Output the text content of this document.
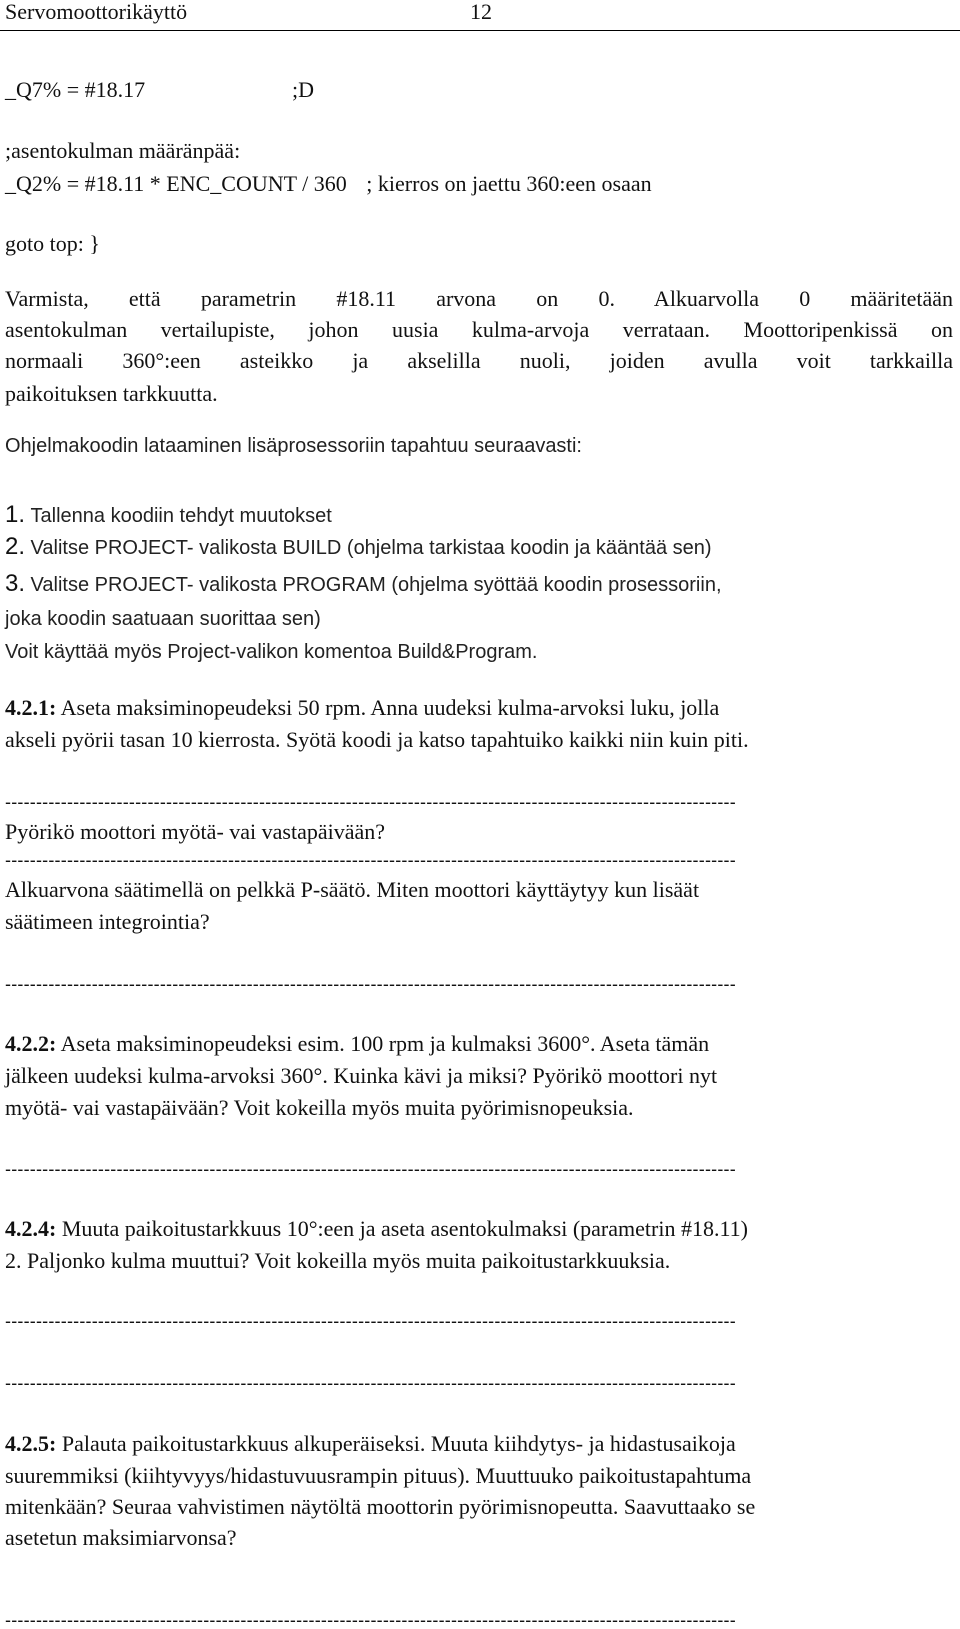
Servomoottorikäyttö	12
_Q7% = #18.17	;D
;asentokulman määränpää:
_Q2% = #18.11 * ENC_COUNT / 360 ; kierros on jaettu 360:een osaan
goto top: }
Varmista, että parametrin #18.11 arvona on 0. Alkuarvolla 0 määritetään
asentokulman vertailupiste, johon uusia kulma-arvoja verrataan. Moottoripenkissä on
normaali 360°:een asteikko ja akselilla nuoli, joiden avulla voit tarkkailla
paikoituksen tarkkuutta.
Ohjelmakoodin lataaminen lisäprosessoriin tapahtuu seuraavasti:
1. Tallenna koodiin tehdyt muutokset
2. Valitse PROJECT- valikosta BUILD (ohjelma tarkistaa koodin ja kääntää sen)
3. Valitse PROJECT- valikosta PROGRAM (ohjelma syöttää koodin prosessoriin,
joka koodin saatuaan suorittaa sen)
Voit käyttää myös Project-valikon komentoa Build&Program.
4.2.1: Aseta maksiminopeudeksi 50 rpm. Anna uudeksi kulma-arvoksi luku, jolla
akseli pyörii tasan 10 kierrosta. Syötä koodi ja katso tapahtuiko kaikki niin kuin piti.
----------------------------------------------------------------------------------------------------------------------
Pyörikö moottori myötä- vai vastapäivään?
----------------------------------------------------------------------------------------------------------------------
Alkuarvona säätimellä on pelkkä P-säätö. Miten moottori käyttäytyy kun lisäät
säätimeen integrointia?
----------------------------------------------------------------------------------------------------------------------
4.2.2: Aseta maksiminopeudeksi esim. 100 rpm ja kulmaksi 3600°. Aseta tämän
jälkeen uudeksi kulma-arvoksi 360°. Kuinka kävi ja miksi? Pyörikö moottori nyt
myötä- vai vastapäivään? Voit kokeilla myös muita pyörimisnopeuksia.
----------------------------------------------------------------------------------------------------------------------
4.2.4: Muuta paikoitustarkkuus 10°:een ja aseta asentokulmaksi (parametrin #18.11)
2. Paljonko kulma muuttui? Voit kokeilla myös muita paikoitustarkkuuksia.
----------------------------------------------------------------------------------------------------------------------
----------------------------------------------------------------------------------------------------------------------
4.2.5: Palauta paikoitustarkkuus alkuperäiseksi. Muuta kiihdytys- ja hidastusaikoja
suuremmiksi (kiihtyvyys/hidastuvuusrampin pituus). Muuttuuko paikoitustapahtuma
mitenkään? Seuraa vahvistimen näytöltä moottorin pyörimisnopeutta. Saavuttaako se
asetetun maksimiarvonsa?
----------------------------------------------------------------------------------------------------------------------
